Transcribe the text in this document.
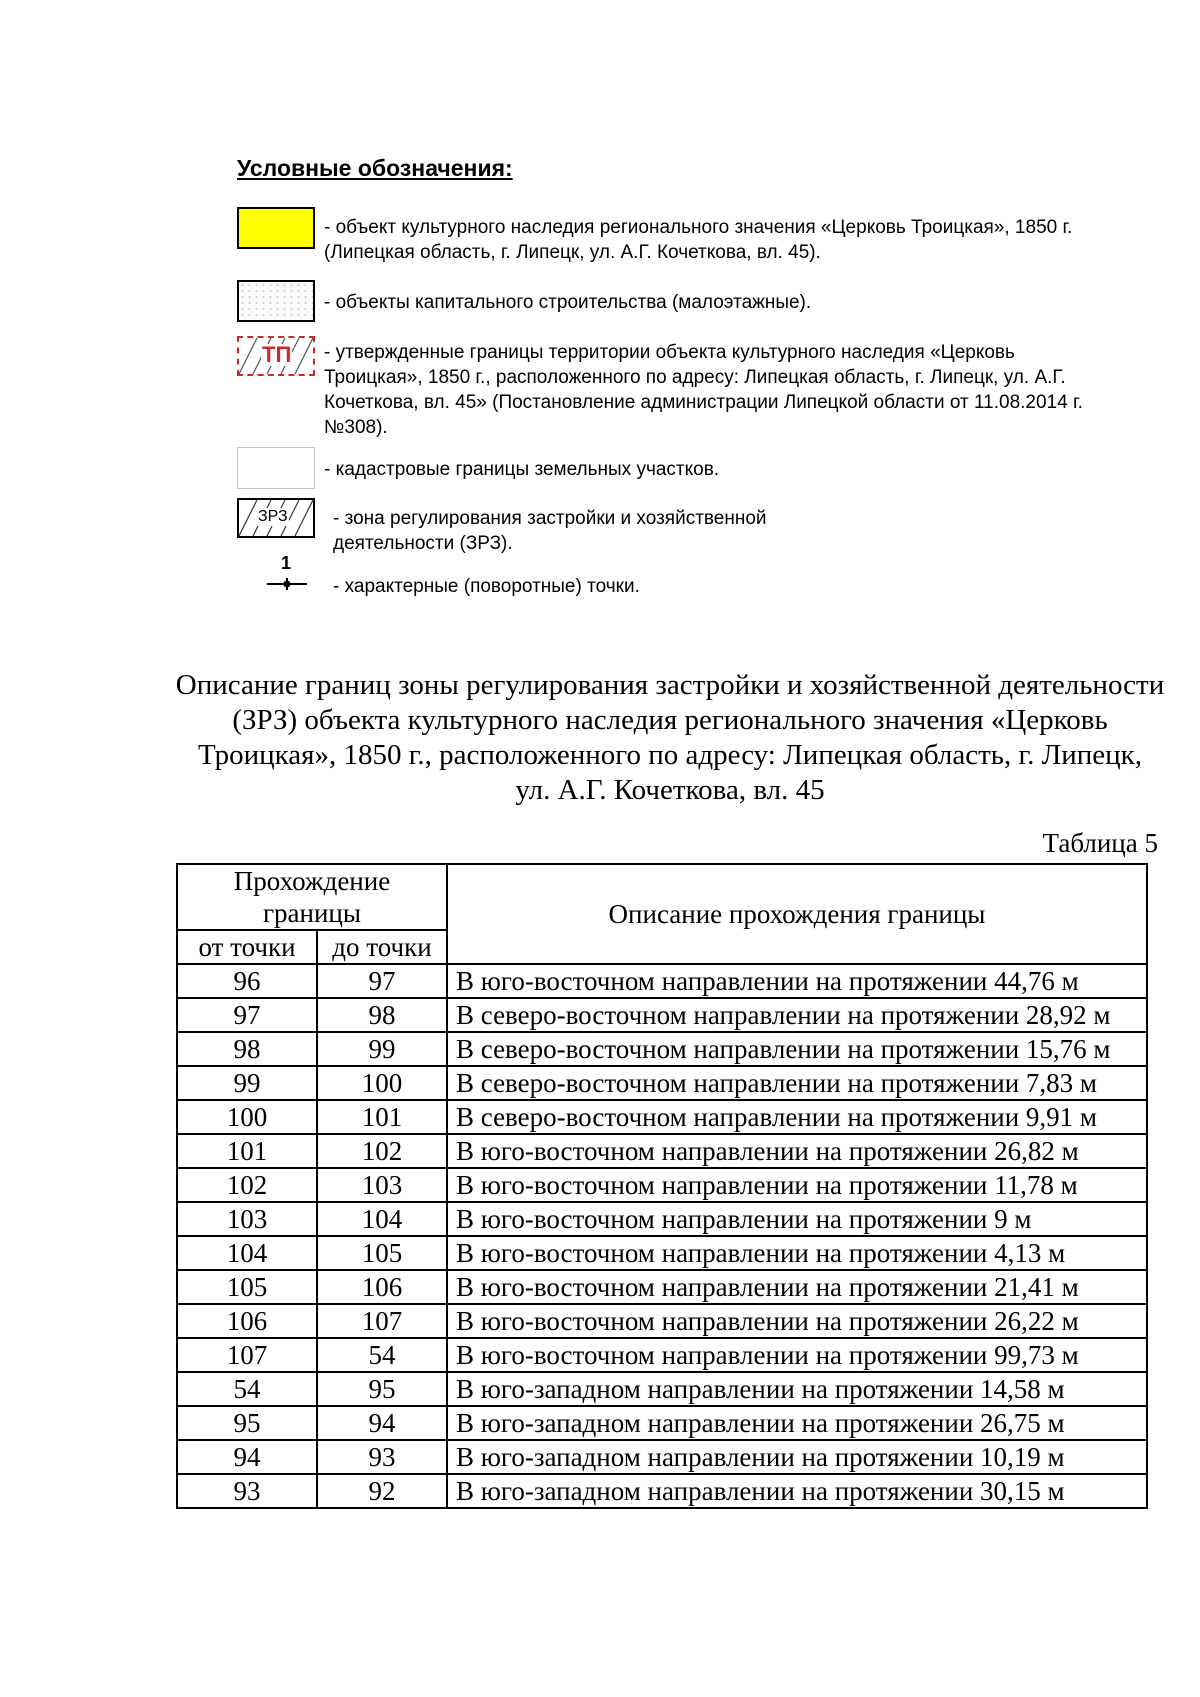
Условные обозначения:
- объект культурного наследия регионального значения «Церковь Троицкая», 1850 г. (Липецкая область, г. Липецк, ул. А.Г. Кочеткова, вл. 45).
- объекты капитального строительства (малоэтажные).
ТП - утвержденные границы территории объекта культурного наследия «Церковь Троицкая», 1850 г., расположенного по адресу: Липецкая область, г. Липецк, ул. А.Г. Кочеткова, вл. 45» (Постановление администрации Липецкой области от 11.08.2014 г. №308).
- кадастровые границы земельных участков.
ЗРЗ - зона регулирования застройки и хозяйственной деятельности (ЗРЗ).
1
- характерные (поворотные) точки.
Описание границ зоны регулирования застройки и хозяйственной деятельности
(ЗРЗ) объекта культурного наследия регионального значения «Церковь
Троицкая», 1850 г., расположенного по адресу: Липецкая область, г. Липецк,
ул. А.Г. Кочеткова, вл. 45
Таблица 5
Прохождение границы		Описание прохождения границы
от точки	до точки	
96	97	В юго-восточном направлении на протяжении 44,76 м
97	98	В северо-восточном направлении на протяжении 28,92 м
98	99	В северо-восточном направлении на протяжении 15,76 м
99	100	В северо-восточном направлении на протяжении 7,83 м
100	101	В северо-восточном направлении на протяжении 9,91 м
101	102	В юго-восточном направлении на протяжении 26,82 м
102	103	В юго-восточном направлении на протяжении 11,78 м
103	104	В юго-восточном направлении на протяжении 9 м
104	105	В юго-восточном направлении на протяжении 4,13 м
105	106	В юго-восточном направлении на протяжении 21,41 м
106	107	В юго-восточном направлении на протяжении 26,22 м
107	54	В юго-восточном направлении на протяжении 99,73 м
54	95	В юго-западном направлении на протяжении 14,58 м
95	94	В юго-западном направлении на протяжении 26,75 м
94	93	В юго-западном направлении на протяжении 10,19 м
93	92	В юго-западном направлении на протяжении 30,15 м
